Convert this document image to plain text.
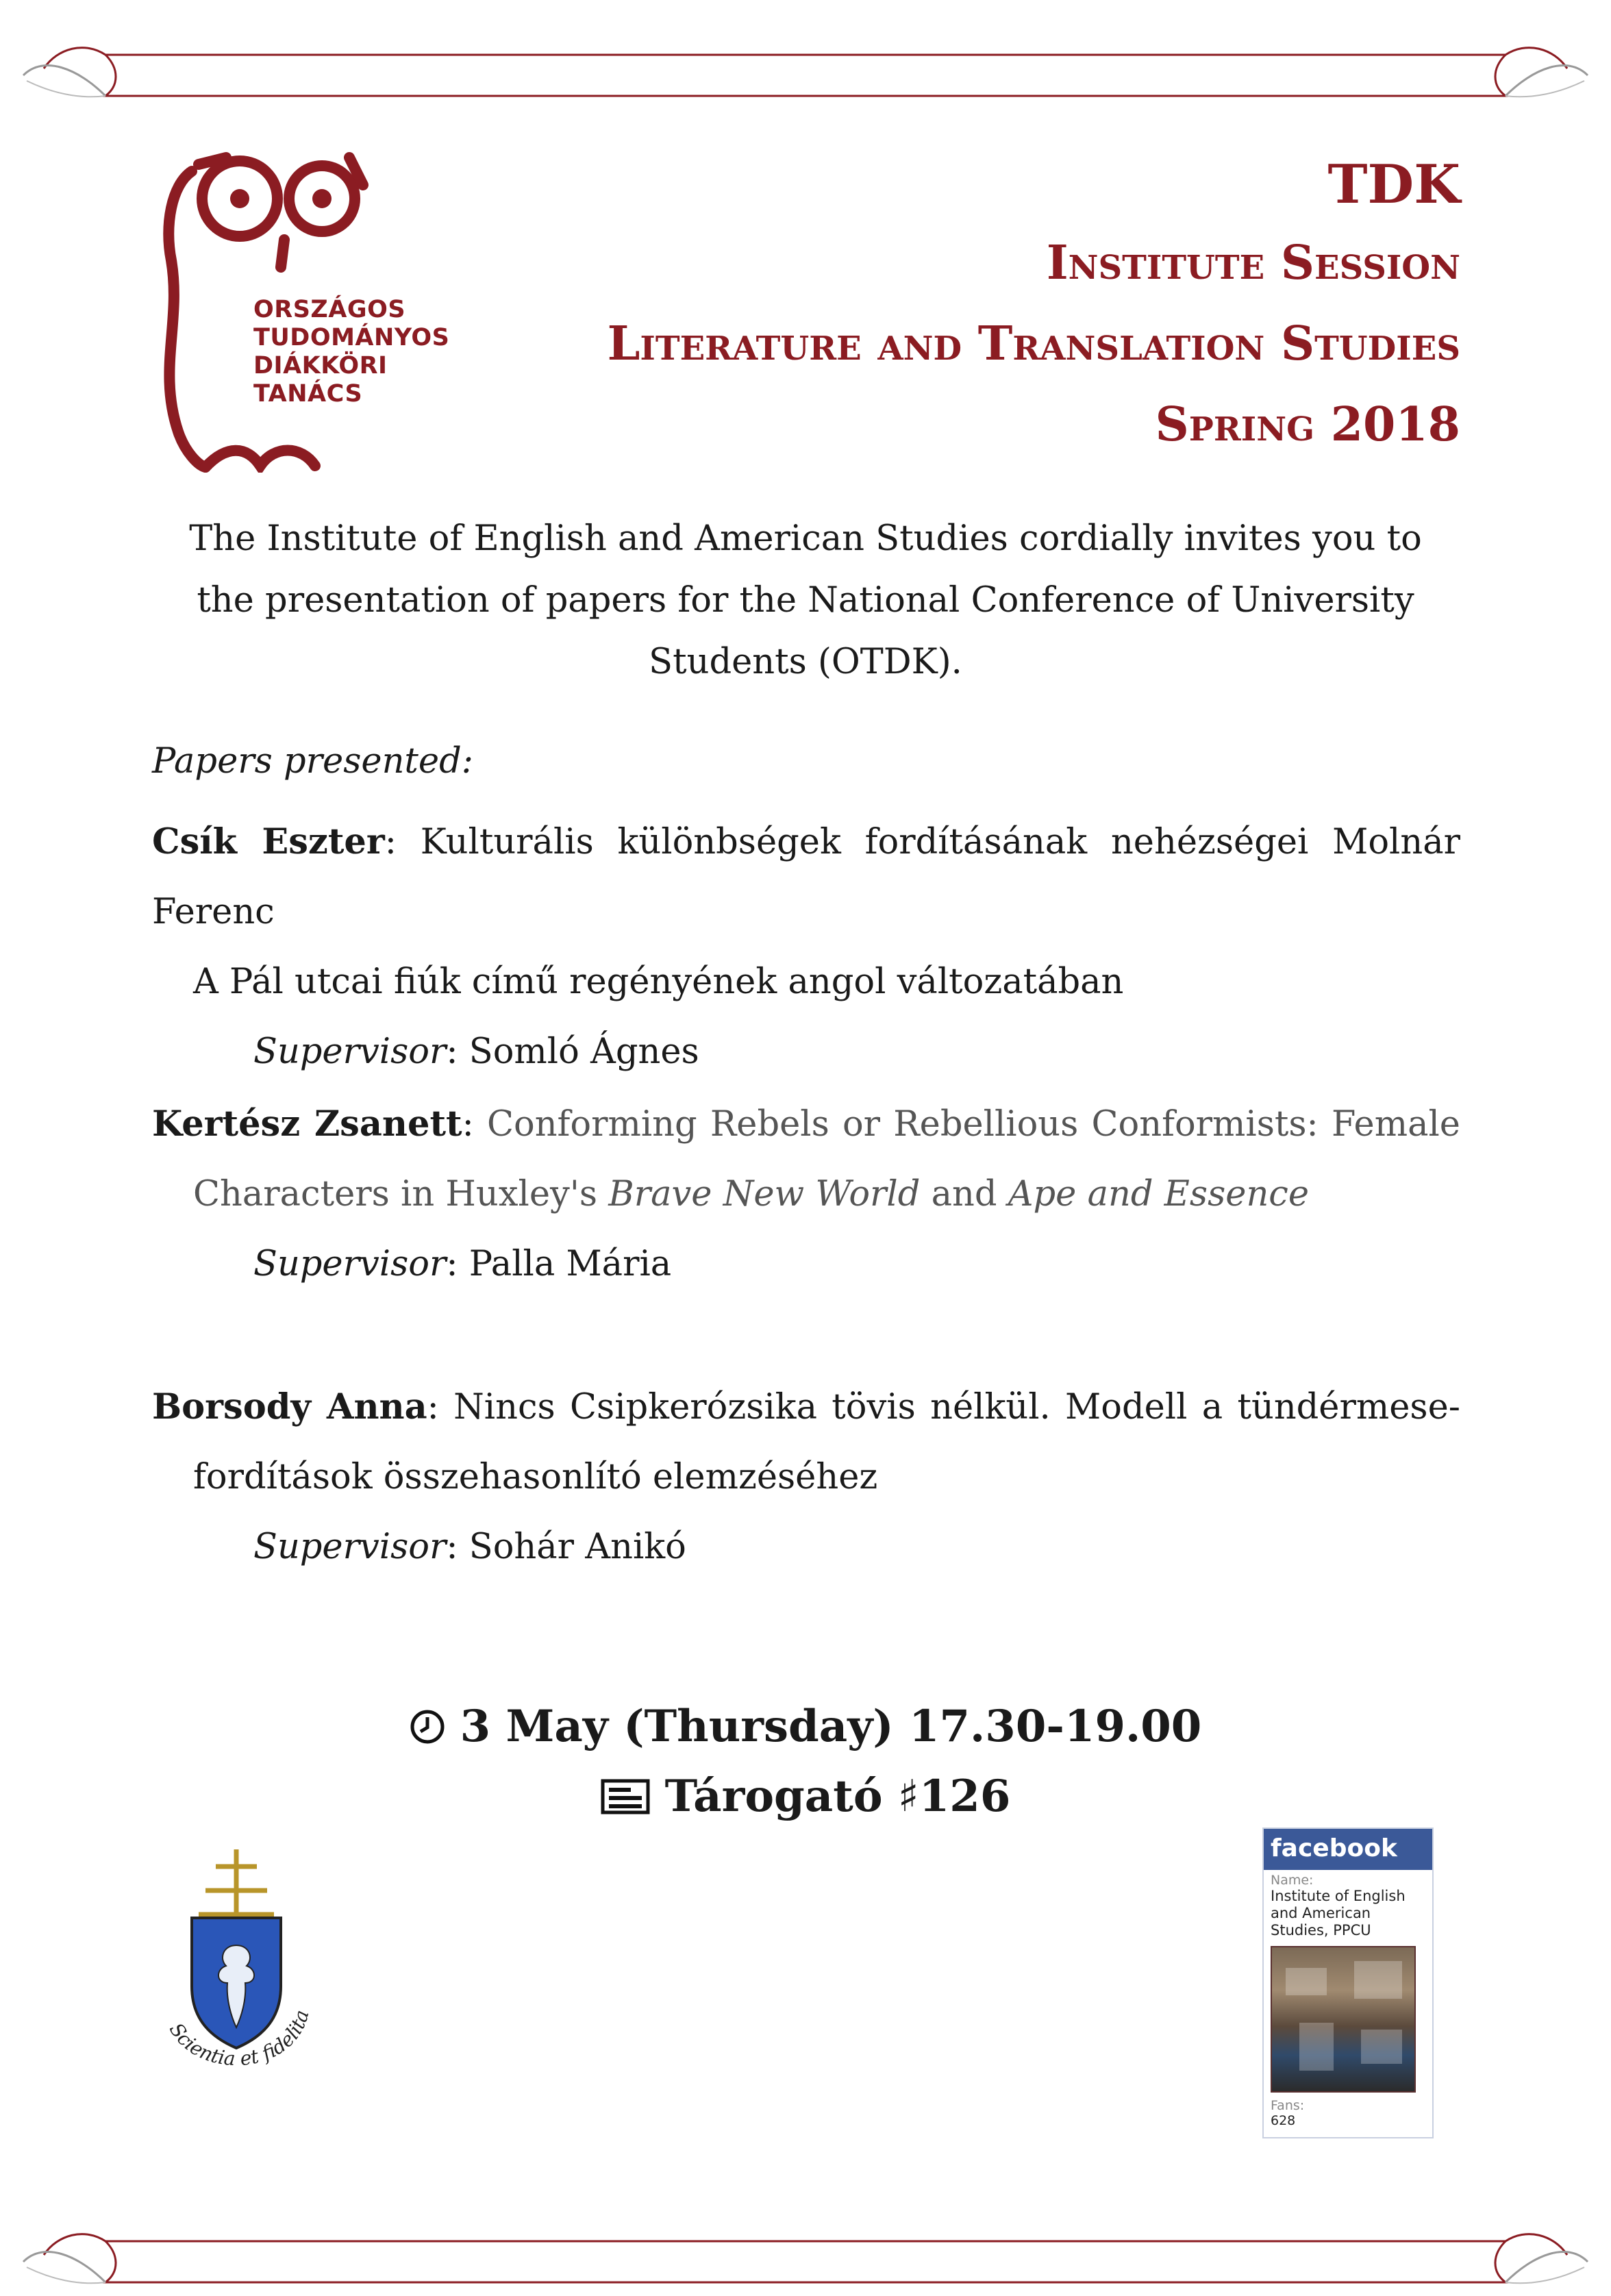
ORSZÁGOS
TUDOMÁNYOS
DIÁKKÖRI
TANÁCS
TDK
Institute Session
Literature and Translation Studies
Spring 2018
The Institute of English and American Studies cordially invites you to the presentation of papers for the National Conference of University Students (OTDK).
Papers presented:
Csík Eszter: Kulturális különbségek fordításának nehézségei Molnár Ferenc
A Pál utcai fiúk című regényének angol változatában
Supervisor: Somló Ágnes
Kertész Zsanett: Conforming Rebels or Rebellious Conformists: Female
Characters in Huxley's Brave New World and Ape and Essence
Supervisor: Palla Mária
Borsody Anna: Nincs Csipkerózsika tövis nélkül. Modell a tündérmese-
fordítások összehasonlító elemzéséhez
Supervisor: Sohár Anikó
3 May (Thursday) 17.30-19.00
Tárogató ♯126
Scientia et fidelitate	facebook
Name:
Institute of English and American Studies, PPCU
Fans:
628
